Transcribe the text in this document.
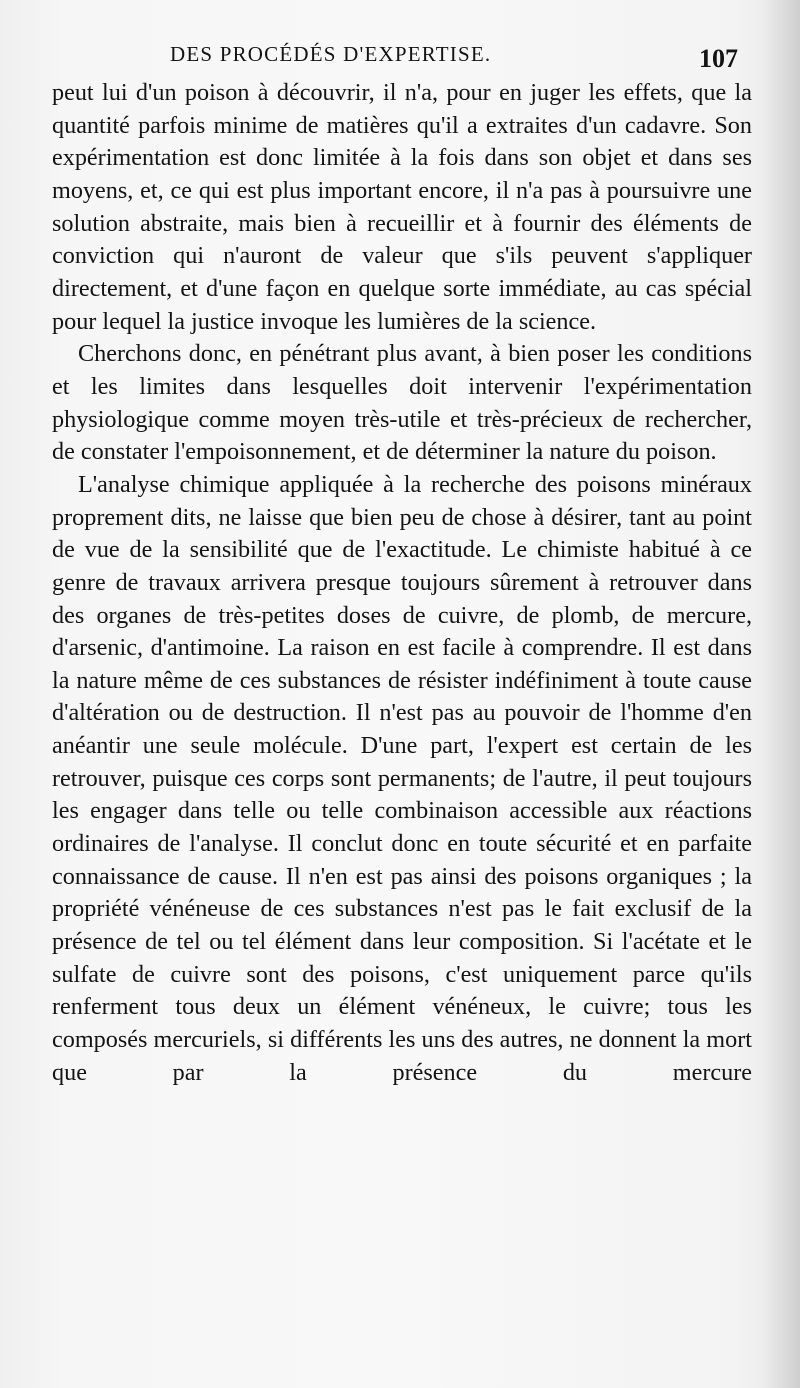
DES PROCÉDÉS D'EXPERTISE.	107

peut lui d'un poison à découvrir, il n'a, pour en juger les effets, que la quantité parfois minime de matières qu'il a extraites d'un cadavre. Son expérimentation est donc limitée à la fois dans son objet et dans ses moyens, et, ce qui est plus important encore, il n'a pas à poursuivre une solution abstraite, mais bien à recueillir et à fournir des éléments de conviction qui n'auront de valeur que s'ils peuvent s'appliquer directement, et d'une façon en quelque sorte immédiate, au cas spécial pour lequel la justice invoque les lumières de la science.

Cherchons donc, en pénétrant plus avant, à bien poser les conditions et les limites dans lesquelles doit intervenir l'expérimentation physiologique comme moyen très-utile et très-précieux de rechercher, de constater l'empoisonnement, et de déterminer la nature du poison.

L'analyse chimique appliquée à la recherche des poisons minéraux proprement dits, ne laisse que bien peu de chose à désirer, tant au point de vue de la sensibilité que de l'exactitude. Le chimiste habitué à ce genre de travaux arrivera presque toujours sûrement à retrouver dans des organes de très-petites doses de cuivre, de plomb, de mercure, d'arsenic, d'antimoine. La raison en est facile à comprendre. Il est dans la nature même de ces substances de résister indéfiniment à toute cause d'altération ou de destruction. Il n'est pas au pouvoir de l'homme d'en anéantir une seule molécule. D'une part, l'expert est certain de les retrouver, puisque ces corps sont permanents; de l'autre, il peut toujours les engager dans telle ou telle combinaison accessible aux réactions ordinaires de l'analyse. Il conclut donc en toute sécurité et en parfaite connaissance de cause. Il n'en est pas ainsi des poisons organiques ; la propriété vénéneuse de ces substances n'est pas le fait exclusif de la présence de tel ou tel élément dans leur composition. Si l'acétate et le sulfate de cuivre sont des poisons, c'est uniquement parce qu'ils renferment tous deux un élément vénéneux, le cuivre; tous les composés mercuriels, si différents les uns des autres, ne donnent la mort que par la présence du mercure
